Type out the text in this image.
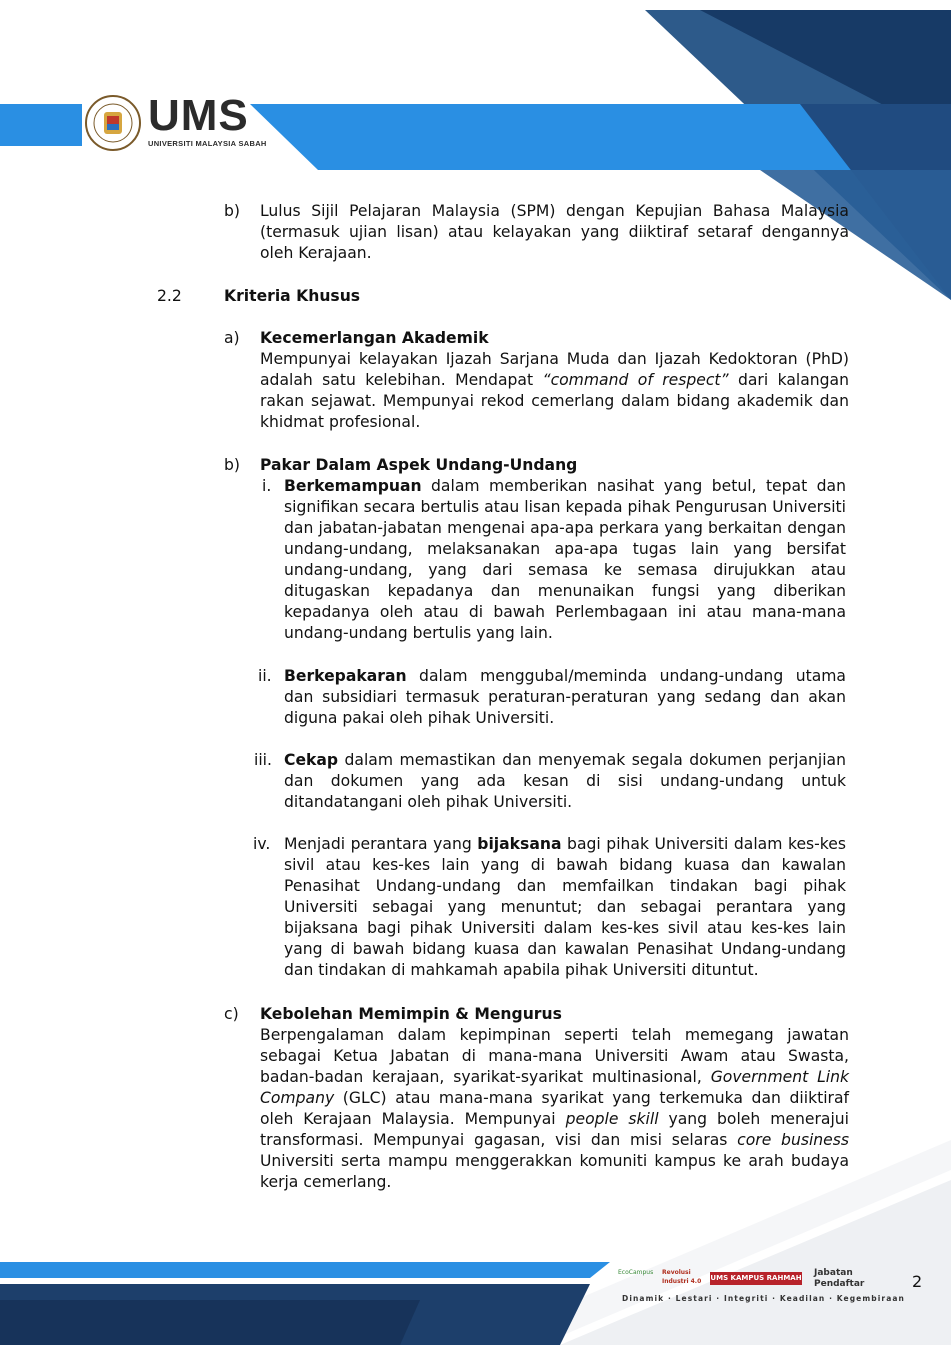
UMS
UNIVERSITI MALAYSIA SABAH
b) Lulus Sijil Pelajaran Malaysia (SPM) dengan Kepujian Bahasa Malaysia (termasuk ujian lisan) atau kelayakan yang diiktiraf setaraf dengannya oleh Kerajaan.
2.2	Kriteria Khusus
a) Kecemerlangan Akademik
Mempunyai kelayakan Ijazah Sarjana Muda dan Ijazah Kedoktoran (PhD) adalah satu kelebihan. Mendapat “command of respect” dari kalangan rakan sejawat. Mempunyai rekod cemerlang dalam bidang akademik dan khidmat profesional.
b) Pakar Dalam Aspek Undang-Undang
i. Berkemampuan dalam memberikan nasihat yang betul, tepat dan signifikan secara bertulis atau lisan kepada pihak Pengurusan Universiti dan jabatan-jabatan mengenai apa-apa perkara yang berkaitan dengan undang-undang, melaksanakan apa-apa tugas lain yang bersifat undang-undang, yang dari semasa ke semasa dirujukkan atau ditugaskan kepadanya dan menunaikan fungsi yang diberikan kepadanya oleh atau di bawah Perlembagaan ini atau mana-mana undang-undang bertulis yang lain.
ii. Berkepakaran dalam menggubal/meminda undang-undang utama dan subsidiari termasuk peraturan-peraturan yang sedang dan akan diguna pakai oleh pihak Universiti.
iii. Cekap dalam memastikan dan menyemak segala dokumen perjanjian dan dokumen yang ada kesan di sisi undang-undang untuk ditandatangani oleh pihak Universiti.
iv. Menjadi perantara yang bijaksana bagi pihak Universiti dalam kes-kes sivil atau kes-kes lain yang di bawah bidang kuasa dan kawalan Penasihat Undang-undang dan memfailkan tindakan bagi pihak Universiti sebagai yang menuntut; dan sebagai perantara yang bijaksana bagi pihak Universiti dalam kes-kes sivil atau kes-kes lain yang di bawah bidang kuasa dan kawalan Penasihat Undang-undang dan tindakan di mahkamah apabila pihak Universiti dituntut.
c) Kebolehan Memimpin & Mengurus
Berpengalaman dalam kepimpinan seperti telah memegang jawatan sebagai Ketua Jabatan di mana-mana Universiti Awam atau Swasta, badan-badan kerajaan, syarikat-syarikat multinasional, Government Link Company (GLC) atau mana-mana syarikat yang terkemuka dan diiktiraf oleh Kerajaan Malaysia. Mempunyai people skill yang boleh menerajui transformasi. Mempunyai gagasan, visi dan misi selaras core business Universiti serta mampu menggerakkan komuniti kampus ke arah budaya kerja cemerlang.
EcoCampus	Revolusi Industri 4.0	UMS KAMPUS RAHMAH Jabatan Pendaftar
Dinamik · Lestari · Integriti · Keadilan · Kegembiraan
2
